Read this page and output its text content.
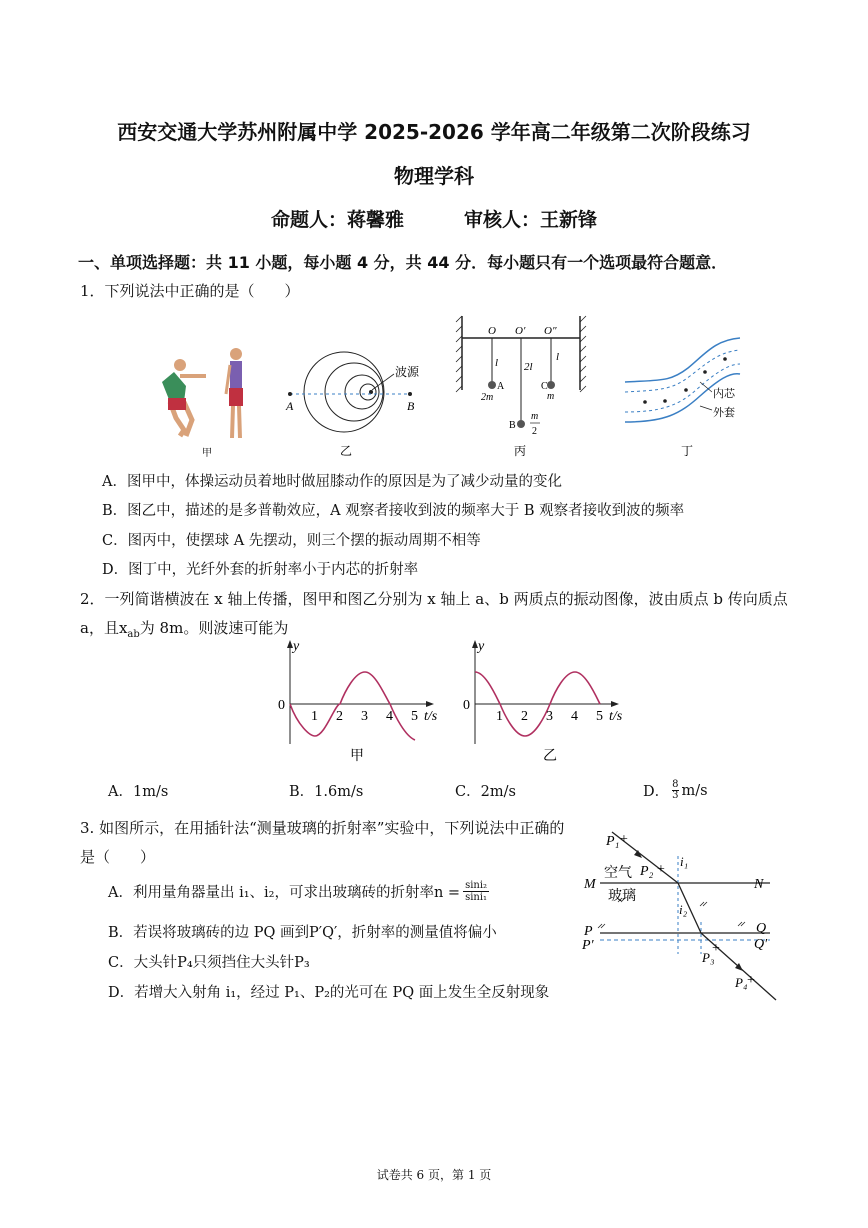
西安交通大学苏州附属中学 2025-2026 学年高二年级第二次阶段练习
物理学科
命题人：蒋馨雅	审核人：王新锋
一、单项选择题：共 11 小题，每小题 4 分，共 44 分．每小题只有一个选项最符合题意．
1．下列说法中正确的是（　　）
甲
A	B
波源
乙
O O′ O″
l 2l
l
A
2m
B
C
m
m
2
丙
内芯
外套
丁
A．图甲中，体操运动员着地时做屈膝动作的原因是为了减少动量的变化
B．图乙中，描述的是多普勒效应，A 观察者接收到波的频率大于 B 观察者接收到波的频率
C．图丙中，使摆球 A 先摆动，则三个摆的振动周期不相等
D．图丁中，光纤外套的折射率小于内芯的折射率
2．一列简谐横波在 x 轴上传播，图甲和图乙分别为 x 轴上 a、b 两质点的振动图像，波由质点 b 传向质点
a，且$x_{ab}$为 8m。则波速可能为
y
0
1 2 3 4 5 t/s
甲
y
0
1 2 3 4 5 t/s
乙
A．1m/s	B．1.6m/s	C．2m/s	D． $\frac{8}{3} m/s$
3. 如图所示，在用插针法“测量玻璃的折射率”实验中，下列说法中正确的
是（　　）
A．利用量角器量出 i₁、i₂，可求出玻璃砖的折射率$n = \frac{\text{sini₂}}{\text{sini₁}}$
B．若误将玻璃砖的边 PQ 画到P′Q′，折射率的测量值将偏小
C．大头针P₄只须挡住大头针P₃
D．若增大入射角 i₁，经过 P₁、P₂的光可在 PQ 面上发生全反射现象
+
+
+
+
P₁
P₂
P₃
P₄
空气
玻璃
M	N
P	Q
P′	Q′
i₁
i₂
试卷共 6 页，第 1 页
